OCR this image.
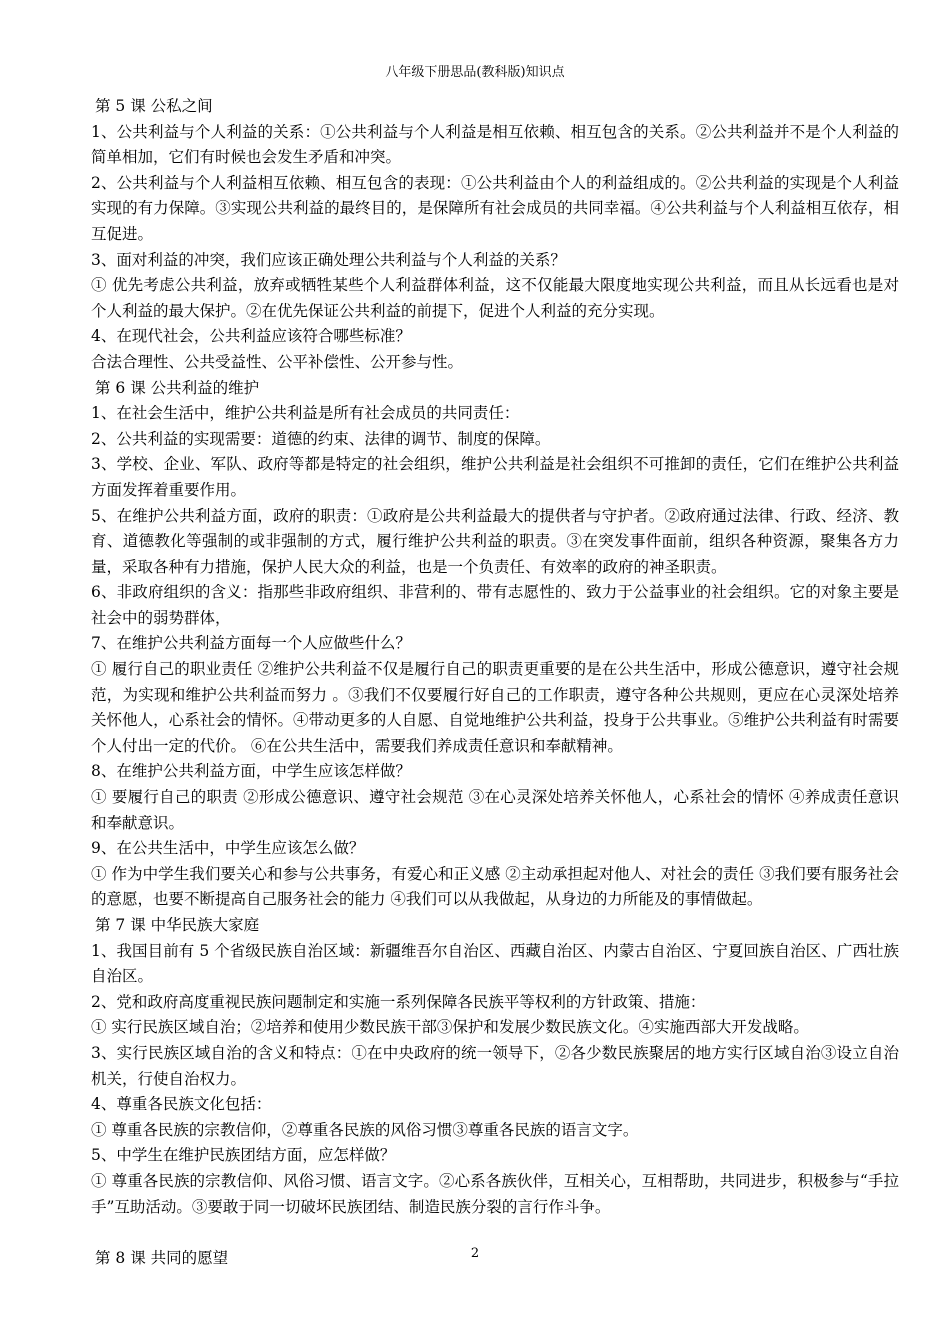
八年级下册思品(教科版)知识点

第 5 课 公私之间

1、公共利益与个人利益的关系：①公共利益与个人利益是相互依赖、相互包含的关系。②公共利益并不是个人利益的简单相加，它们有时候也会发生矛盾和冲突。

2、公共利益与个人利益相互依赖、相互包含的表现：①公共利益由个人的利益组成的。②公共利益的实现是个人利益实现的有力保障。③实现公共利益的最终目的，是保障所有社会成员的共同幸福。④公共利益与个人利益相互依存，相互促进。

3、面对利益的冲突，我们应该正确处理公共利益与个人利益的关系？

① 优先考虑公共利益，放弃或牺牲某些个人利益群体利益，这不仅能最大限度地实现公共利益，而且从长远看也是对个人利益的最大保护。②在优先保证公共利益的前提下，促进个人利益的充分实现。

4、在现代社会，公共利益应该符合哪些标准？

合法合理性、公共受益性、公平补偿性、公开参与性。

第 6 课 公共利益的维护

1、在社会生活中，维护公共利益是所有社会成员的共同责任：

2、公共利益的实现需要：道德的约束、法律的调节、制度的保障。

3、学校、企业、军队、政府等都是特定的社会组织，维护公共利益是社会组织不可推卸的责任，它们在维护公共利益方面发挥着重要作用。

5、在维护公共利益方面，政府的职责：①政府是公共利益最大的提供者与守护者。②政府通过法律、行政、经济、教育、道德教化等强制的或非强制的方式，履行维护公共利益的职责。③在突发事件面前，组织各种资源，聚集各方力量，采取各种有力措施，保护人民大众的利益，也是一个负责任、有效率的政府的神圣职责。

6、非政府组织的含义：指那些非政府组织、非营利的、带有志愿性的、致力于公益事业的社会组织。它的对象主要是社会中的弱势群体，

7、在维护公共利益方面每一个人应做些什么？

① 履行自己的职业责任 ②维护公共利益不仅是履行自己的职责更重要的是在公共生活中，形成公德意识，遵守社会规范，为实现和维护公共利益而努力 。③我们不仅要履行好自己的工作职责，遵守各种公共规则，更应在心灵深处培养关怀他人，心系社会的情怀。④带动更多的人自愿、自觉地维护公共利益，投身于公共事业。⑤维护公共利益有时需要个人付出一定的代价。 ⑥在公共生活中，需要我们养成责任意识和奉献精神。

8、在维护公共利益方面，中学生应该怎样做？

① 要履行自己的职责 ②形成公德意识、遵守社会规范 ③在心灵深处培养关怀他人，心系社会的情怀 ④养成责任意识和奉献意识。

9、在公共生活中，中学生应该怎么做？

① 作为中学生我们要关心和参与公共事务，有爱心和正义感 ②主动承担起对他人、对社会的责任 ③我们要有服务社会的意愿，也要不断提高自己服务社会的能力 ④我们可以从我做起，从身边的力所能及的事情做起。

第 7 课 中华民族大家庭

1、我国目前有 5 个省级民族自治区域：新疆维吾尔自治区、西藏自治区、内蒙古自治区、宁夏回族自治区、广西壮族自治区。

2、党和政府高度重视民族问题制定和实施一系列保障各民族平等权利的方针政策、措施：

① 实行民族区域自治；②培养和使用少数民族干部③保护和发展少数民族文化。④实施西部大开发战略。

3、实行民族区域自治的含义和特点：①在中央政府的统一领导下，②各少数民族聚居的地方实行区域自治③设立自治机关，行使自治权力。

4、尊重各民族文化包括：

① 尊重各民族的宗教信仰，②尊重各民族的风俗习惯③尊重各民族的语言文字。

5、中学生在维护民族团结方面，应怎样做？

① 尊重各民族的宗教信仰、风俗习惯、语言文字。②心系各族伙伴，互相关心，互相帮助，共同进步，积极参与“手拉手”互助活动。③要敢于同一切破坏民族团结、制造民族分裂的言行作斗争。

第 8 课 共同的愿望	2
